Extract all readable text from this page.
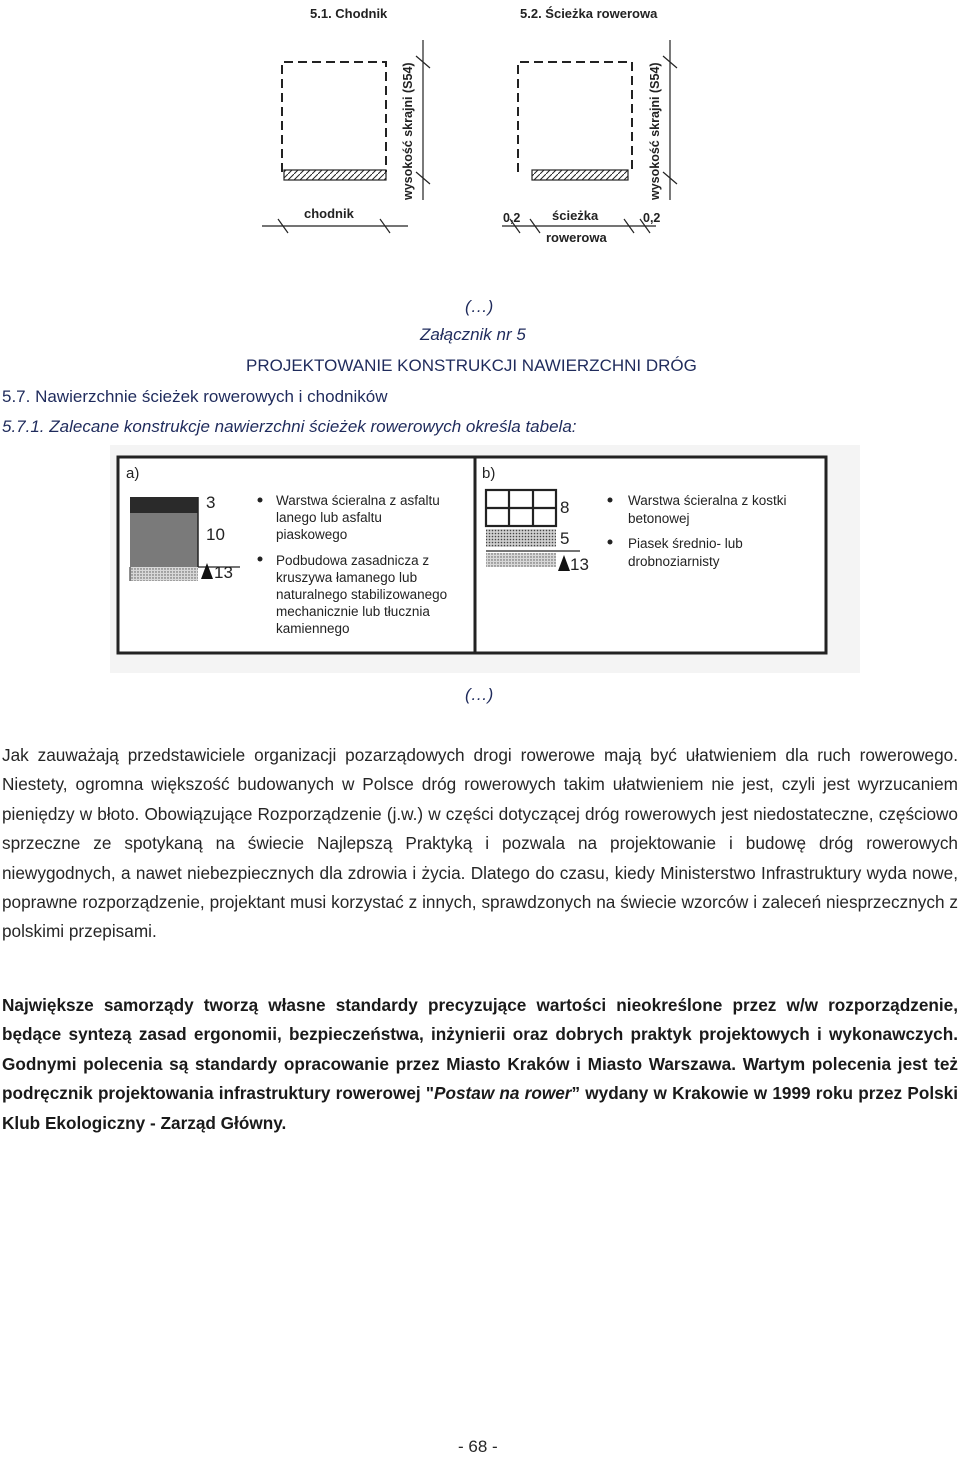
5.1. Chodnik	5.2. Ścieżka rowerowa
wysokość skrajni (S54)
chodnik
wysokość skrajni (S54)
0,2	0,2
ścieżka
rowerowa
(…)
Załącznik nr 5
PROJEKTOWANIE KONSTRUKCJI NAWIERZCHNI DRÓG
5.7. Nawierzchnie ścieżek rowerowych i chodników
5.7.1. Zalecane konstrukcje nawierzchni ścieżek rowerowych określa tabela:
a)
3
10
13
Warstwa ścieralna z asfaltu
lanego lub asfaltu
piaskowego
Podbudowa zasadnicza z
kruszywa łamanego lub
naturalnego stabilizowanego
mechanicznie lub tłucznia
kamiennego
b)
8
5
13
Warstwa ścieralna z kostki
betonowej
Piasek średnio- lub
drobnoziarnisty
(…)
Jak zauważają przedstawiciele organizacji pozarządowych drogi rowerowe mają być ułatwieniem dla ruch rowerowego. Niestety, ogromna większość budowanych w Polsce dróg rowerowych takim ułatwieniem nie jest, czyli jest wyrzucaniem pieniędzy w błoto. Obowiązujące Rozporządzenie (j.w.) w części dotyczącej dróg rowerowych jest niedostateczne, częściowo sprzeczne ze spotykaną na świecie Najlepszą Praktyką i pozwala na projektowanie i budowę dróg rowerowych niewygodnych, a nawet niebezpiecznych dla zdrowia i życia. Dlatego do czasu, kiedy Ministerstwo Infrastruktury wyda nowe, poprawne rozporządzenie, projektant musi korzystać z innych, sprawdzonych na świecie wzorców i zaleceń niesprzecznych z polskimi przepisami.
Największe samorządy tworzą własne standardy precyzujące wartości nieokreślone przez w/w rozporządzenie, będące syntezą zasad ergonomii, bezpieczeństwa, inżynierii oraz dobrych praktyk projektowych i wykonawczych. Godnymi polecenia są standardy opracowanie przez Miasto Kraków i Miasto Warszawa. Wartym polecenia jest też podręcznik projektowania infrastruktury rowerowej "Postaw na rower” wydany w Krakowie w 1999 roku przez Polski Klub Ekologiczny - Zarząd Główny.
- 68 -
